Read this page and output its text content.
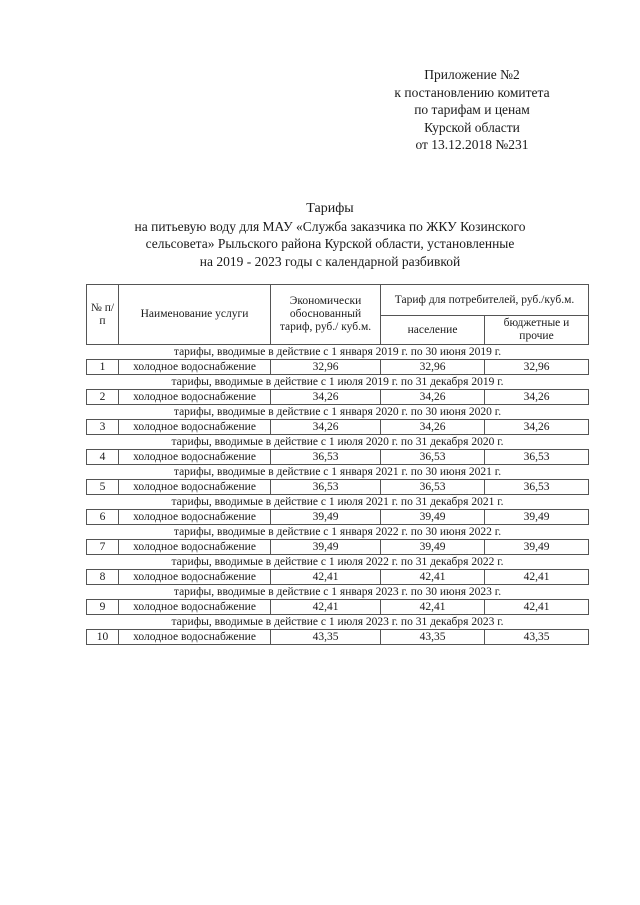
Приложение №2
к постановлению комитета
по тарифам и ценам
Курской области
от 13.12.2018 №231
Тарифы
на питьевую воду для МАУ «Служба заказчика по ЖКУ Козинского
сельсовета» Рыльского района Курской области, установленные
на 2019 - 2023 годы с календарной разбивкой
№ п/п	Наименование услуги	Экономически обоснованный тариф, руб./ куб.м.	Тариф для потребителей, руб./куб.м.	
			население	бюджетные и прочие
тарифы, вводимые в действие с 1 января 2019 г. по 30 июня 2019 г.				
1	холодное водоснабжение	32,96	32,96	32,96
тарифы, вводимые в действие с 1 июля 2019 г. по 31 декабря 2019 г.				
2	холодное водоснабжение	34,26	34,26	34,26
тарифы, вводимые в действие с 1 января 2020 г. по 30 июня 2020 г.				
3	холодное водоснабжение	34,26	34,26	34,26
тарифы, вводимые в действие с 1 июля 2020 г. по 31 декабря 2020 г.				
4	холодное водоснабжение	36,53	36,53	36,53
тарифы, вводимые в действие с 1 января 2021 г. по 30 июня 2021 г.				
5	холодное водоснабжение	36,53	36,53	36,53
тарифы, вводимые в действие с 1 июля 2021 г. по 31 декабря 2021 г.				
6	холодное водоснабжение	39,49	39,49	39,49
тарифы, вводимые в действие с 1 января 2022 г. по 30 июня 2022 г.				
7	холодное водоснабжение	39,49	39,49	39,49
тарифы, вводимые в действие с 1 июля 2022 г. по 31 декабря 2022 г.				
8	холодное водоснабжение	42,41	42,41	42,41
тарифы, вводимые в действие с 1 января 2023 г. по 30 июня 2023 г.				
9	холодное водоснабжение	42,41	42,41	42,41
тарифы, вводимые в действие с 1 июля 2023 г. по 31 декабря 2023 г.				
10	холодное водоснабжение	43,35	43,35	43,35
